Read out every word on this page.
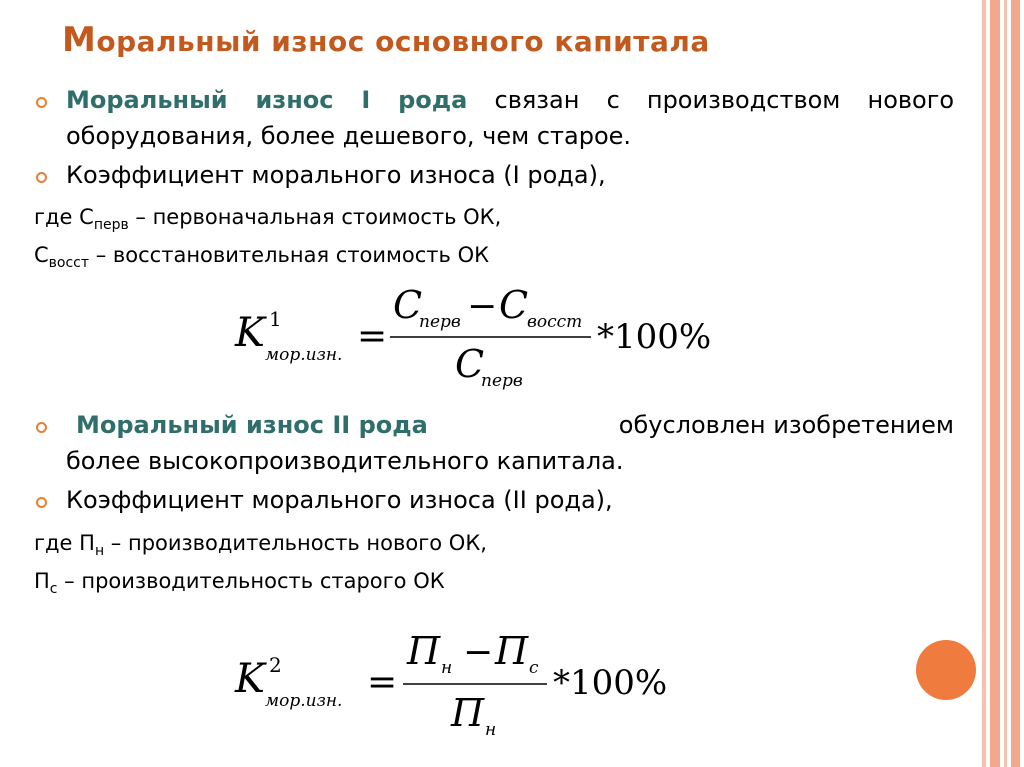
Моральный износ основного капитала
Моральный износ I рода связан с производством нового
оборудования, более дешевого, чем старое.
Коэффициент морального износа (I рода),
где $С_{перв}$ – первоначальная стоимость ОК,
$С_{восст}$ – восстановительная стоимость ОК
K 1
мор.изн. =
C
перв − C
восст
C
перв
*100%
Моральный износ II рода	обусловлен изобретением
более высокопроизводительного капитала.
Коэффициент морального износа (II рода),
где $П_н$ – производительность нового ОК,
$П_с$ – производительность старого ОК
K 2
мор.изн. =
П н − П c
П н
*100%
